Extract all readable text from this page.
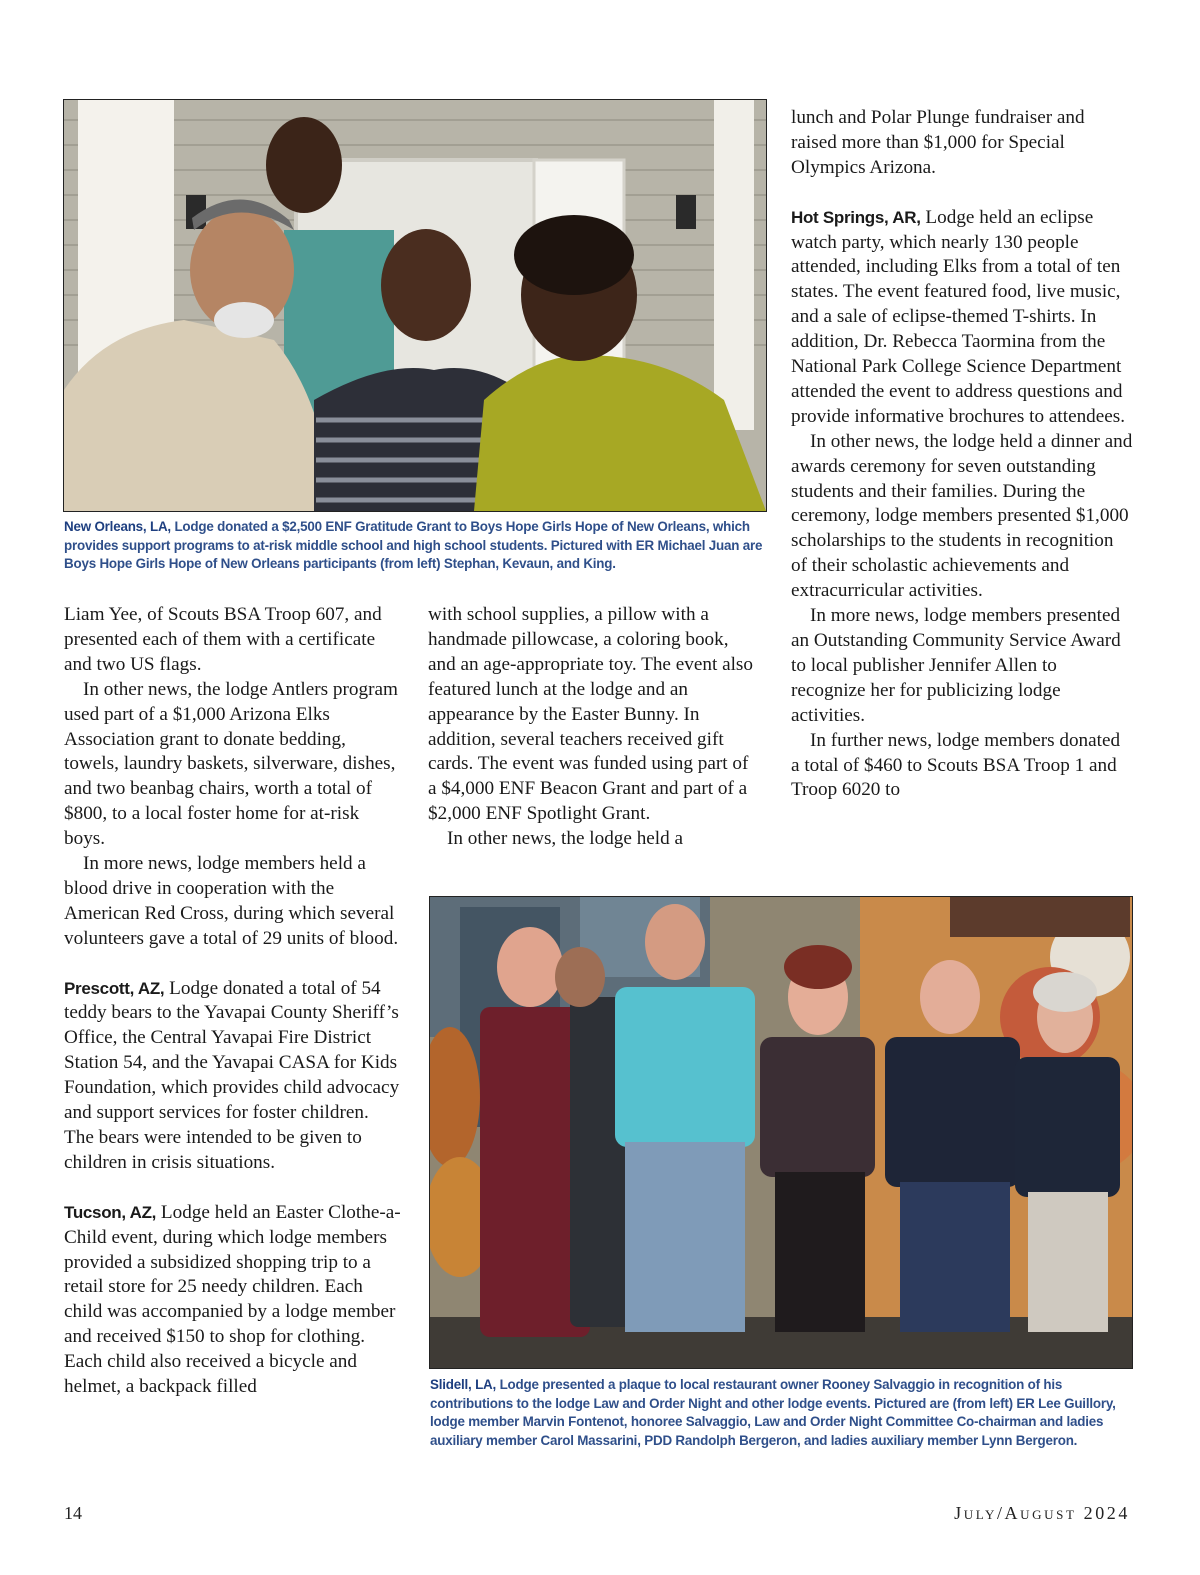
New Orleans, LA, Lodge donated a $2,500 ENF Gratitude Grant to Boys Hope Girls Hope of New Orleans, which provides support programs to at-risk middle school and high school students. Pictured with ER Michael Juan are Boys Hope Girls Hope of New Orleans participants (from left) Stephan, Kevaun, and King.

Liam Yee, of Scouts BSA Troop 607, and presented each of them with a certificate and two US flags.

In other news, the lodge Antlers program used part of a $1,000 Arizona Elks Association grant to donate bedding, towels, laundry baskets, silverware, dishes, and two beanbag chairs, worth a total of $800, to a local foster home for at-risk boys.

In more news, lodge members held a blood drive in cooperation with the American Red Cross, during which several volunteers gave a total of 29 units of blood.

Prescott, AZ, Lodge donated a total of 54 teddy bears to the Yavapai County Sheriff’s Office, the Central Yavapai Fire District Station 54, and the Yavapai CASA for Kids Foundation, which provides child advocacy and support services for foster children. The bears were intended to be given to children in crisis situations.

Tucson, AZ, Lodge held an Easter Clothe-a-Child event, during which lodge members provided a subsidized shopping trip to a retail store for 25 needy children. Each child was accompanied by a lodge member and received $150 to shop for clothing. Each child also received a bicycle and helmet, a backpack filled

with school supplies, a pillow with a handmade pillowcase, a coloring book, and an age-appropriate toy. The event also featured lunch at the lodge and an appearance by the Easter Bunny. In addition, several teachers received gift cards. The event was funded using part of a $4,000 ENF Beacon Grant and part of a $2,000 ENF Spotlight Grant.

In other news, the lodge held a

lunch and Polar Plunge fundraiser and raised more than $1,000 for Special Olympics Arizona.

Hot Springs, AR, Lodge held an eclipse watch party, which nearly 130 people attended, including Elks from a total of ten states. The event featured food, live music, and a sale of eclipse-themed T-shirts. In addition, Dr. Rebecca Taormina from the National Park College Science Department attended the event to address questions and provide informative brochures to attendees.

In other news, the lodge held a dinner and awards ceremony for seven outstanding students and their families. During the ceremony, lodge members presented $1,000 scholarships to the students in recognition of their scholastic achievements and extracurricular activities.

In more news, lodge members presented an Outstanding Community Service Award to local publisher Jennifer Allen to recognize her for publicizing lodge activities.

In further news, lodge members donated a total of $460 to Scouts BSA Troop 1 and Troop 6020 to

Slidell, LA, Lodge presented a plaque to local restaurant owner Rooney Salvaggio in recognition of his contributions to the lodge Law and Order Night and other lodge events. Pictured are (from left) ER Lee Guillory, lodge member Marvin Fontenot, honoree Salvaggio, Law and Order Night Committee Co-chairman and ladies auxiliary member Carol Massarini, PDD Randolph Bergeron, and ladies auxiliary member Lynn Bergeron.
14	July/August 2024
